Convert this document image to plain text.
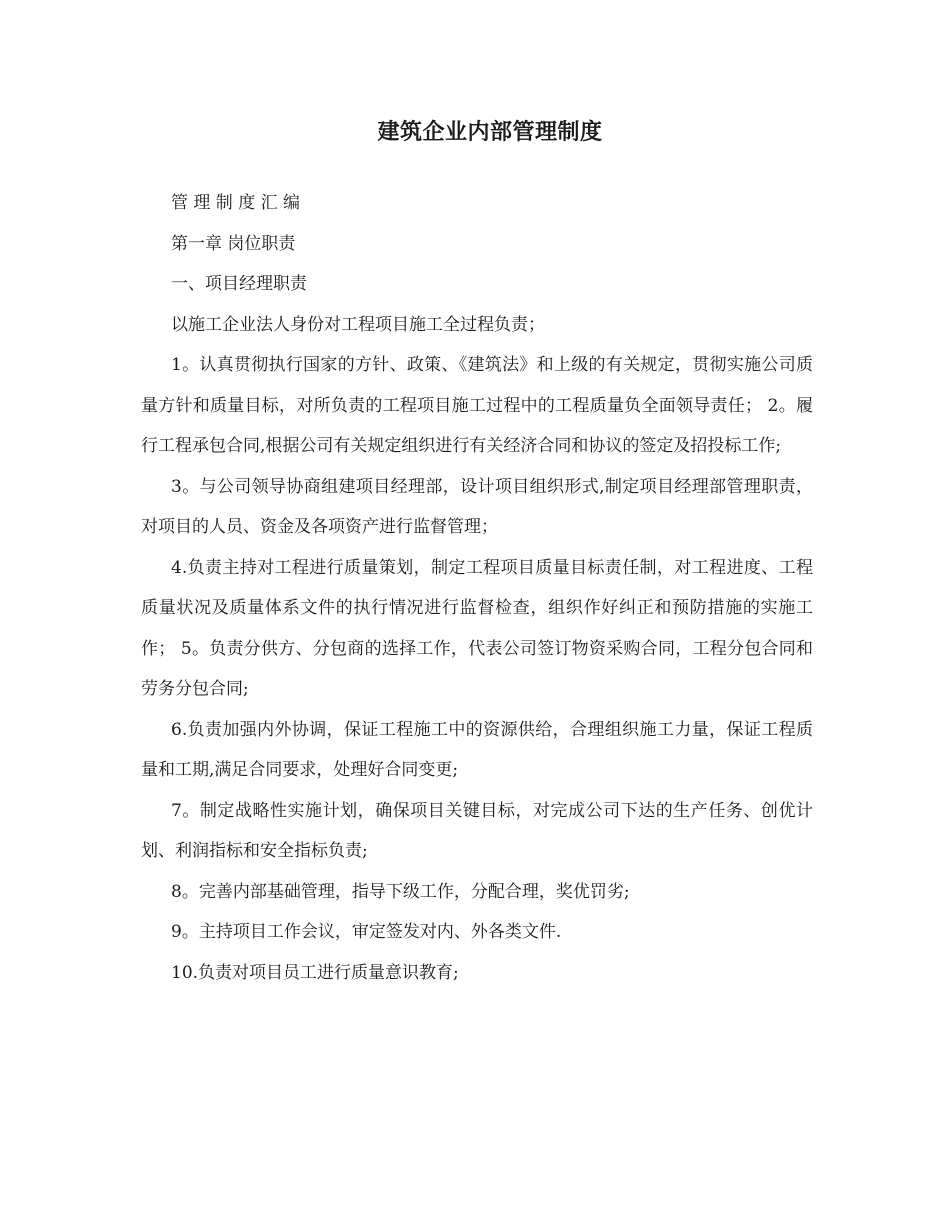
建筑企业内部管理制度

管 理 制 度 汇 编

第一章 岗位职责

一、项目经理职责

以施工企业法人身份对工程项目施工全过程负责；

1。认真贯彻执行国家的方针、政策、《建筑法》和上级的有关规定，贯彻实施公司质量方针和质量目标，对所负责的工程项目施工过程中的工程质量负全面领导责任； 2。履行工程承包合同,根据公司有关规定组织进行有关经济合同和协议的签定及招投标工作;

3。与公司领导协商组建项目经理部，设计项目组织形式,制定项目经理部管理职责，对项目的人员、资金及各项资产进行监督管理；

4.负责主持对工程进行质量策划，制定工程项目质量目标责任制，对工程进度、工程质量状况及质量体系文件的执行情况进行监督检查，组织作好纠正和预防措施的实施工作； 5。负责分供方、分包商的选择工作，代表公司签订物资采购合同，工程分包合同和劳务分包合同;

6.负责加强内外协调，保证工程施工中的资源供给，合理组织施工力量，保证工程质量和工期,满足合同要求，处理好合同变更;

7。制定战略性实施计划，确保项目关键目标，对完成公司下达的生产任务、创优计划、利润指标和安全指标负责;

8。完善内部基础管理，指导下级工作，分配合理，奖优罚劣;

9。主持项目工作会议，审定签发对内、外各类文件.

10.负责对项目员工进行质量意识教育;
